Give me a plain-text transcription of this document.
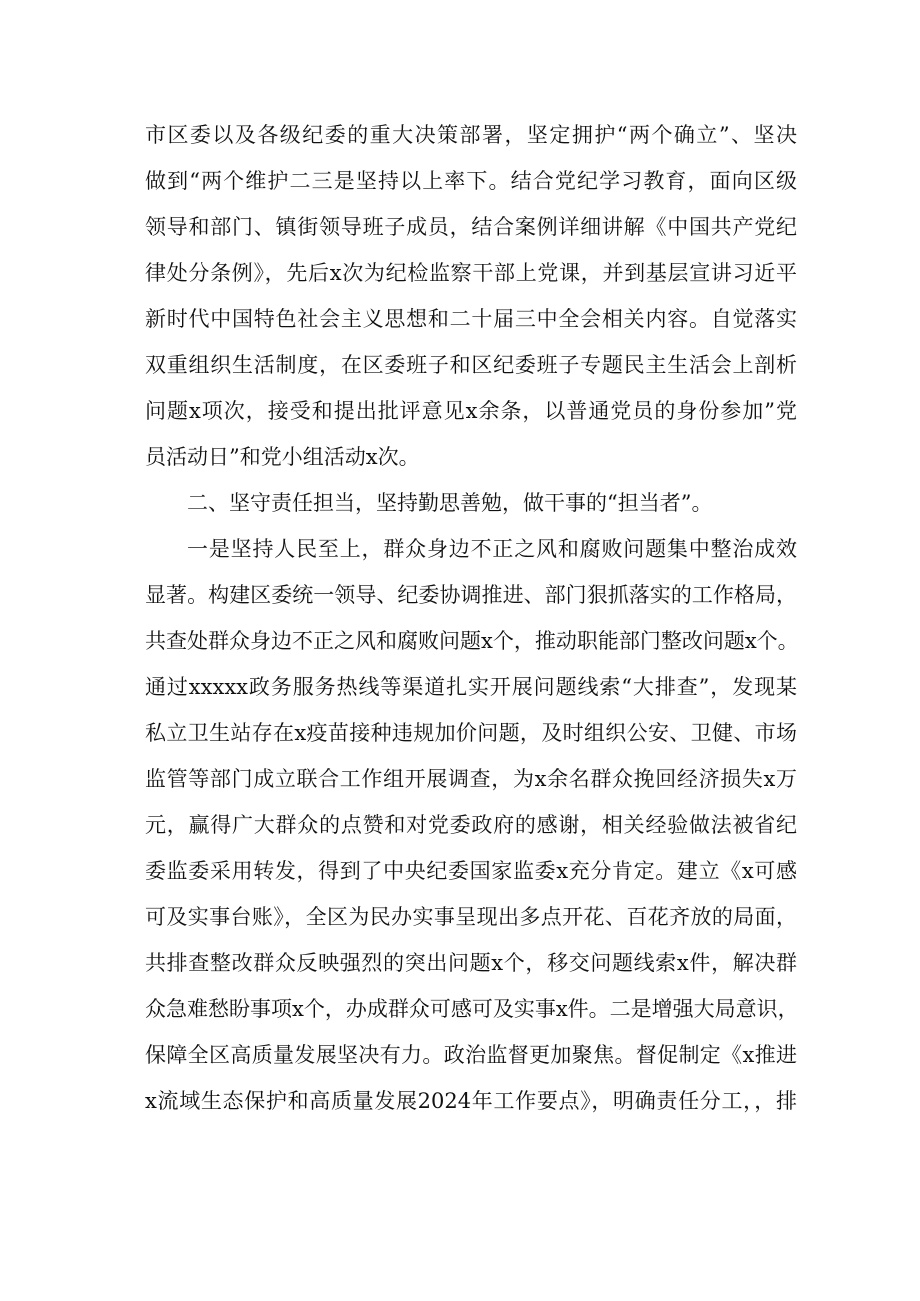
市区委以及各级纪委的重大决策部署，坚定拥护“两个确立”、坚决
做到“两个维护二三是坚持以上率下。结合党纪学习教育，面向区级
领导和部门、镇街领导班子成员，结合案例详细讲解《中国共产党纪
律处分条例》，先后x次为纪检监察干部上党课，并到基层宣讲习近平
新时代中国特色社会主义思想和二十届三中全会相关内容。自觉落实
双重组织生活制度，在区委班子和区纪委班子专题民主生活会上剖析
问题x项次，接受和提出批评意见x余条，以普通党员的身份参加”党
员活动日”和党小组活动x次。
二、坚守责任担当，坚持勤思善勉，做干事的“担当者”。
一是坚持人民至上，群众身边不正之风和腐败问题集中整治成效
显著。构建区委统一领导、纪委协调推进、部门狠抓落实的工作格局，
共查处群众身边不正之风和腐败问题x个，推动职能部门整改问题x个。
通过xxxxx政务服务热线等渠道扎实开展问题线索“大排查”，发现某
私立卫生站存在x疫苗接种违规加价问题，及时组织公安、卫健、市场
监管等部门成立联合工作组开展调查，为x余名群众挽回经济损失x万
元，赢得广大群众的点赞和对党委政府的感谢，相关经验做法被省纪
委监委采用转发，得到了中央纪委国家监委x充分肯定。建立《x可感
可及实事台账》，全区为民办实事呈现出多点开花、百花齐放的局面，
共排查整改群众反映强烈的突出问题x个，移交问题线索x件，解决群
众急难愁盼事项x个，办成群众可感可及实事x件。二是增强大局意识，
保障全区高质量发展坚决有力。政治监督更加聚焦。督促制定《x推进
x流域生态保护和高质量发展2024年工作要点》，明确责任分工，，排
